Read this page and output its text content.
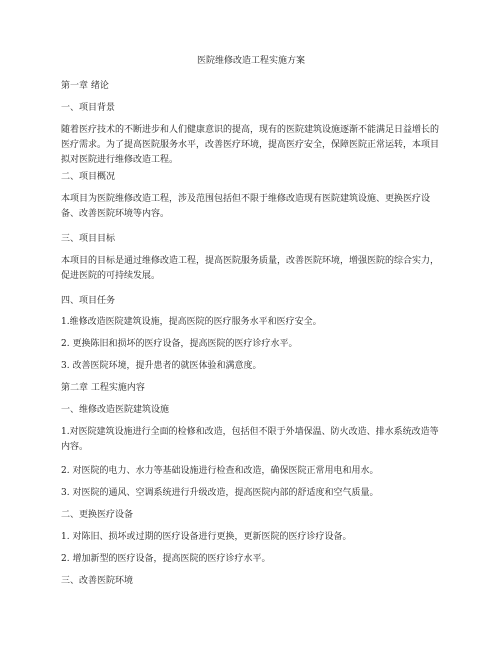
医院维修改造工程实施方案
第一章 绪论
一、项目背景
随着医疗技术的不断进步和人们健康意识的提高，现有的医院建筑设施逐渐不能满足日益增长的医疗需求。为了提高医院服务水平，改善医疗环境，提高医疗安全，保障医院正常运转，本项目拟对医院进行维修改造工程。
二、项目概况
本项目为医院维修改造工程，涉及范围包括但不限于维修改造现有医院建筑设施、更换医疗设备、改善医院环境等内容。
三、项目目标
本项目的目标是通过维修改造工程，提高医院服务质量，改善医院环境，增强医院的综合实力，促进医院的可持续发展。
四、项目任务
1.维修改造医院建筑设施，提高医院的医疗服务水平和医疗安全。
2. 更换陈旧和损坏的医疗设备，提高医院的医疗诊疗水平。
3. 改善医院环境，提升患者的就医体验和满意度。
第二章 工程实施内容
一、维修改造医院建筑设施
1.对医院建筑设施进行全面的检修和改造，包括但不限于外墙保温、防火改造、排水系统改造等内容。
2. 对医院的电力、水力等基础设施进行检查和改造，确保医院正常用电和用水。
3. 对医院的通风、空调系统进行升级改造，提高医院内部的舒适度和空气质量。
二、更换医疗设备
1. 对陈旧、损坏或过期的医疗设备进行更换，更新医院的医疗诊疗设备。
2. 增加新型的医疗设备，提高医院的医疗诊疗水平。
三、改善医院环境
